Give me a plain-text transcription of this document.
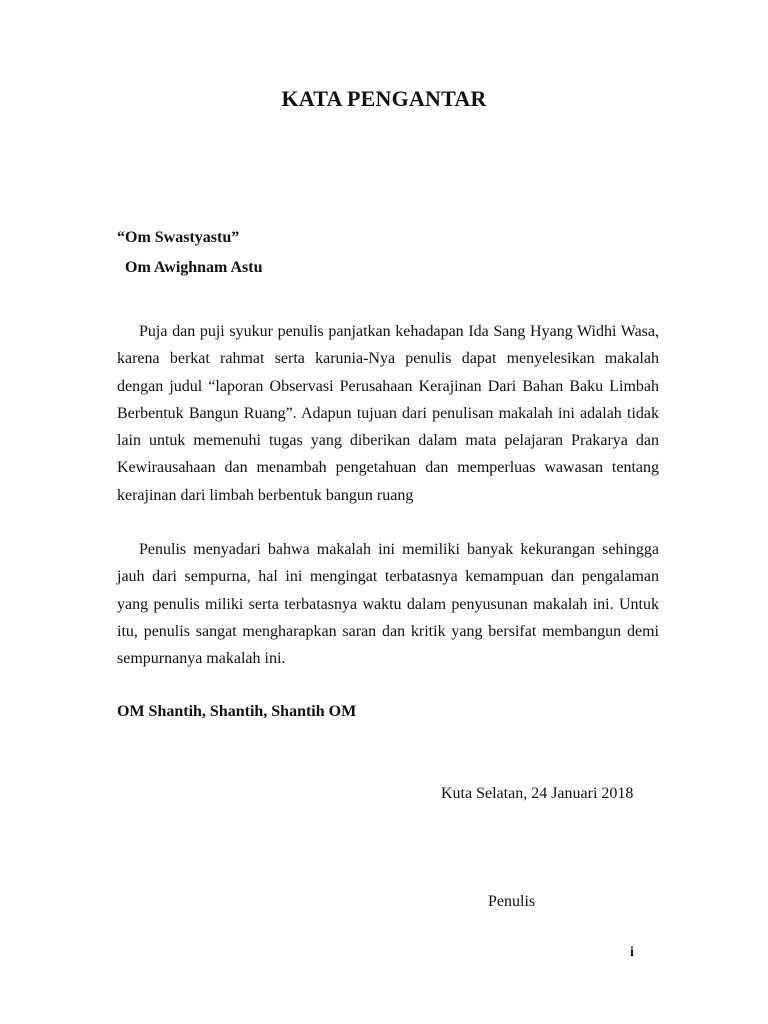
KATA PENGANTAR

“Om Swastyastu”

Om Awighnam Astu

Puja dan puji syukur penulis panjatkan kehadapan Ida Sang Hyang Widhi Wasa, karena berkat rahmat serta karunia-Nya penulis dapat menyelesikan makalah dengan judul “laporan Observasi Perusahaan Kerajinan Dari Bahan Baku Limbah Berbentuk Bangun Ruang”. Adapun tujuan dari penulisan makalah ini adalah tidak lain untuk memenuhi tugas yang diberikan dalam mata pelajaran Prakarya dan Kewirausahaan dan menambah pengetahuan dan memperluas wawasan tentang kerajinan dari limbah berbentuk bangun ruang

Penulis menyadari bahwa makalah ini memiliki banyak kekurangan sehingga jauh dari sempurna, hal ini mengingat terbatasnya kemampuan dan pengalaman yang penulis miliki serta terbatasnya waktu dalam penyusunan makalah ini. Untuk itu, penulis sangat mengharapkan saran dan kritik yang bersifat membangun demi sempurnanya makalah ini.

OM Shantih, Shantih, Shantih OM

Kuta Selatan, 24 Januari 2018

Penulis

i
